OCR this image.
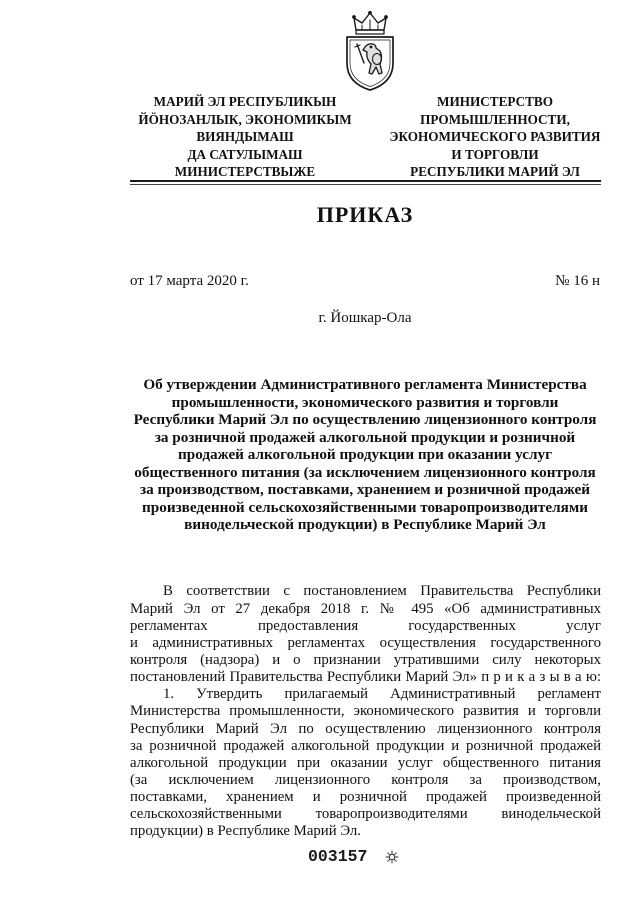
МАРИЙ ЭЛ РЕСПУБЛИКЫН
ЙӦНОЗАНЛЫК, ЭКОНОМИКЫМ
ВИЯНДЫМАШ
ДА САТУЛЫМАШ
МИНИСТЕРСТВЫЖЕ
МИНИСТЕРСТВО
ПРОМЫШЛЕННОСТИ,
ЭКОНОМИЧЕСКОГО РАЗВИТИЯ
И ТОРГОВЛИ
РЕСПУБЛИКИ МАРИЙ ЭЛ
ПРИКАЗ
от 17 марта 2020 г.	№ 16 н
г. Йошкар-Ола
Об утверждении Административного регламента Министерства
промышленности, экономического развития и торговли
Республики Марий Эл по осуществлению лицензионного контроля
за розничной продажей алкогольной продукции и розничной
продажей алкогольной продукции при оказании услуг
общественного питания (за исключением лицензионного контроля
за производством, поставками, хранением и розничной продажей
произведенной сельскохозяйственными товаропроизводителями
винодельческой продукции) в Республике Марий Эл
В соответствии с постановлением Правительства Республики
Марий Эл от 27 декабря 2018 г. № 495 «Об административных
регламентах предоставления государственных услуг
и административных регламентах осуществления государственного
контроля (надзора) и о признании утратившими силу некоторых
постановлений Правительства Республики Марий Эл» п р и к а з ы в а ю:
1. Утвердить прилагаемый Административный регламент
Министерства промышленности, экономического развития и торговли
Республики Марий Эл по осуществлению лицензионного контроля
за розничной продажей алкогольной продукции и розничной продажей
алкогольной продукции при оказании услуг общественного питания
(за исключением лицензионного контроля за производством,
поставками, хранением и розничной продажей произведенной
сельскохозяйственными товаропроизводителями винодельческой
продукции) в Республике Марий Эл.
003157
